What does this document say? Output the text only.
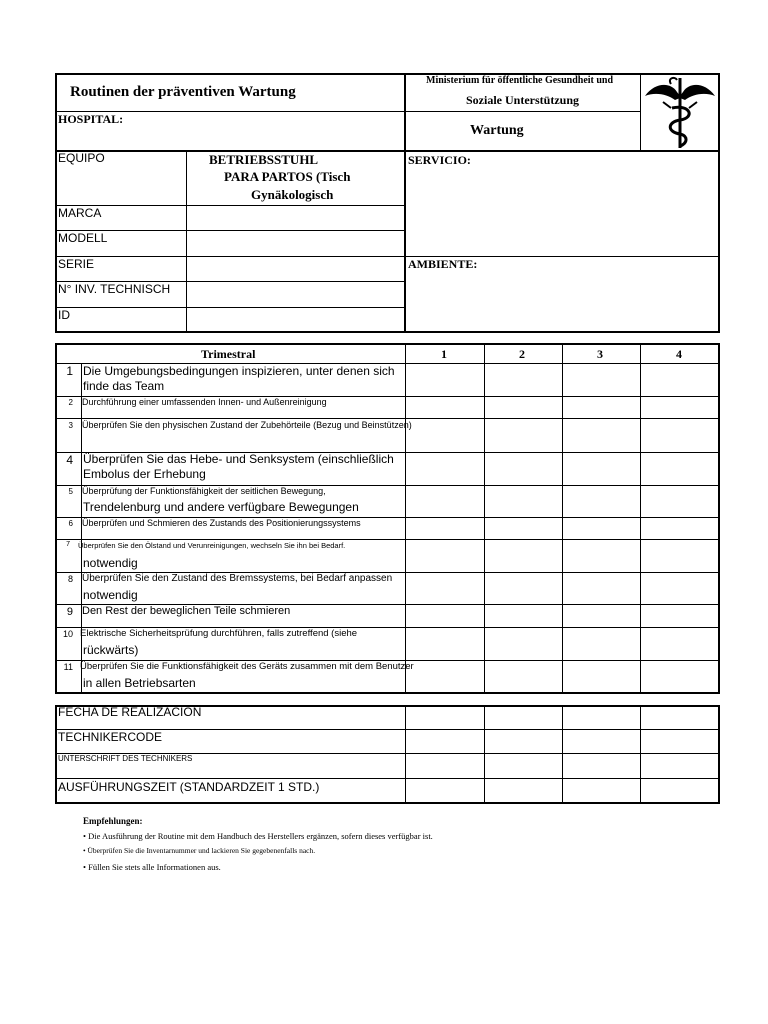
Routinen der präventiven Wartung
Ministerium für öffentliche Gesundheit und
Soziale Unterstützung
HOSPITAL:
Wartung
EQUIPO	BETRIEBSSTUHL
PARA PARTOS (Tisch
Gynäkologisch
MARCA
MODELL
SERIE
N° INV. TECHNISCH
ID
SERVICIO:
AMBIENTE:
Trimestral	1	2	3	4
1 Die Umgebungsbedingungen inspizieren, unter denen sich
finde das Team
2 Durchführung einer umfassenden Innen- und Außenreinigung
3 Überprüfen Sie den physischen Zustand der Zubehörteile (Bezug und Beinstützen)
4 Überprüfen Sie das Hebe- und Senksystem (einschließlich
Embolus der Erhebung
5 Überprüfung der Funktionsfähigkeit der seitlichen Bewegung,
Trendelenburg und andere verfügbare Bewegungen
6 Überprüfen und Schmieren des Zustands des Positionierungssystems
7 Überprüfen Sie den Ölstand und Verunreinigungen, wechseln Sie ihn bei Bedarf.
notwendig
8 Überprüfen Sie den Zustand des Bremssystems, bei Bedarf anpassen
notwendig
9 Den Rest der beweglichen Teile schmieren
10 Elektrische Sicherheitsprüfung durchführen, falls zutreffend (siehe
rückwärts)
11 Überprüfen Sie die Funktionsfähigkeit des Geräts zusammen mit dem Benutzer
in allen Betriebsarten
FECHA DE REALIZACION
TECHNIKERCODE
UNTERSCHRIFT DES TECHNIKERS
AUSFÜHRUNGSZEIT (STANDARDZEIT 1 STD.)
Empfehlungen:
• Die Ausführung der Routine mit dem Handbuch des Herstellers ergänzen, sofern dieses verfügbar ist.
• Überprüfen Sie die Inventarnummer und lackieren Sie gegebenenfalls nach.
• Füllen Sie stets alle Informationen aus.
